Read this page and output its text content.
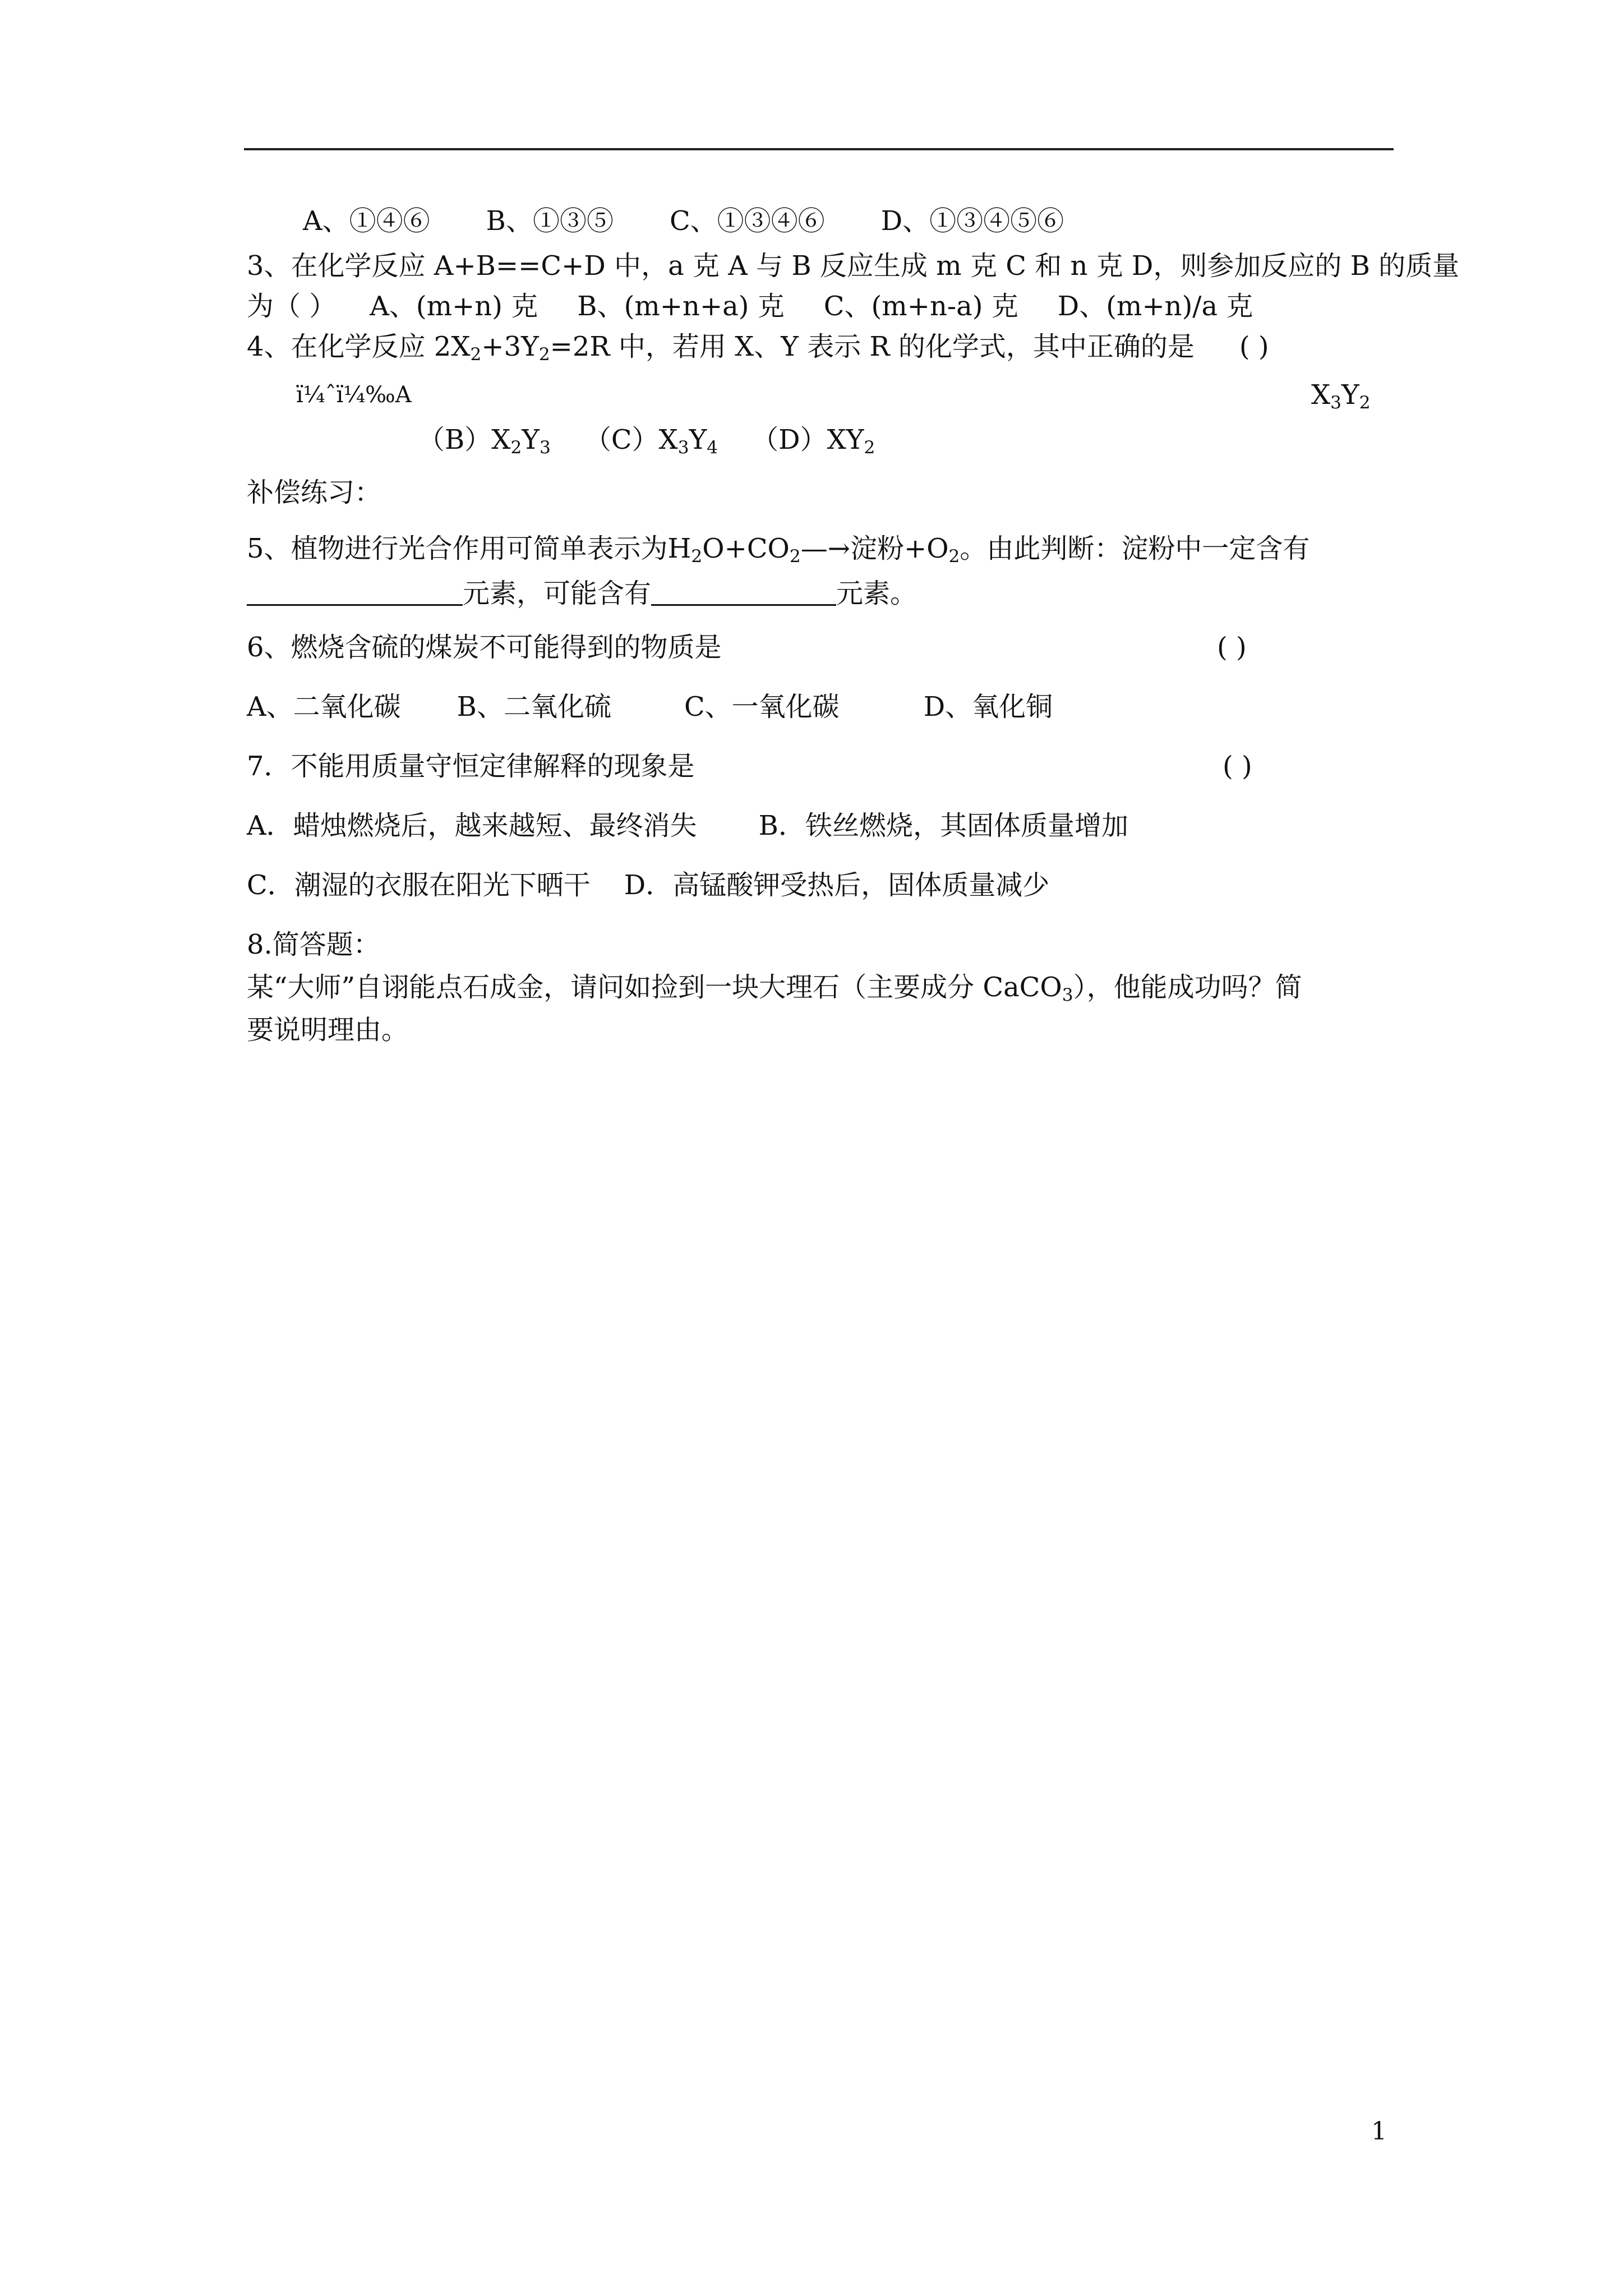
A、①④⑥ B、①③⑤ C、①③④⑥ D、①③④⑤⑥
3、在化学反应 A+B==C+D 中，a 克 A 与 B 反应生成 m 克 C 和 n 克 D，则参加反应的 B 的质量
为（ ） A、(m+n) 克 B、(m+n+a) 克 C、(m+n-a) 克 D、(m+n)/a 克
4、在化学反应 $2X_2+3Y_2=2R$ 中，若用 X、Y 表示 R 的化学式，其中正确的是 ( )
ï¼ˆï¼‰A	$X_3Y_2$
$(B)X_2Y_3$ $(C)X_3Y_4$ $(D)XY_2$
补偿练习：
5、植物进行光合作用可简单表示为$H_2O+CO_2—\to$淀粉$+O_2$。由此判断：淀粉中一定含有
元素，可能含有	元素。
6、燃烧含硫的煤炭不可能得到的物质是	( )
A、二氧化碳 B、二氧化硫	C、一氧化碳	D、氧化铜
7．不能用质量守恒定律解释的现象是	( )
A．蜡烛燃烧后，越来越短、最终消失 B．铁丝燃烧，其固体质量增加
C．潮湿的衣服在阳光下晒干 D．高锰酸钾受热后，固体质量减少
8.简答题：
某“大师”自诩能点石成金，请问如捡到一块大理石（主要成分 CaCO$_3$），他能成功吗？简
要说明理由。
1
